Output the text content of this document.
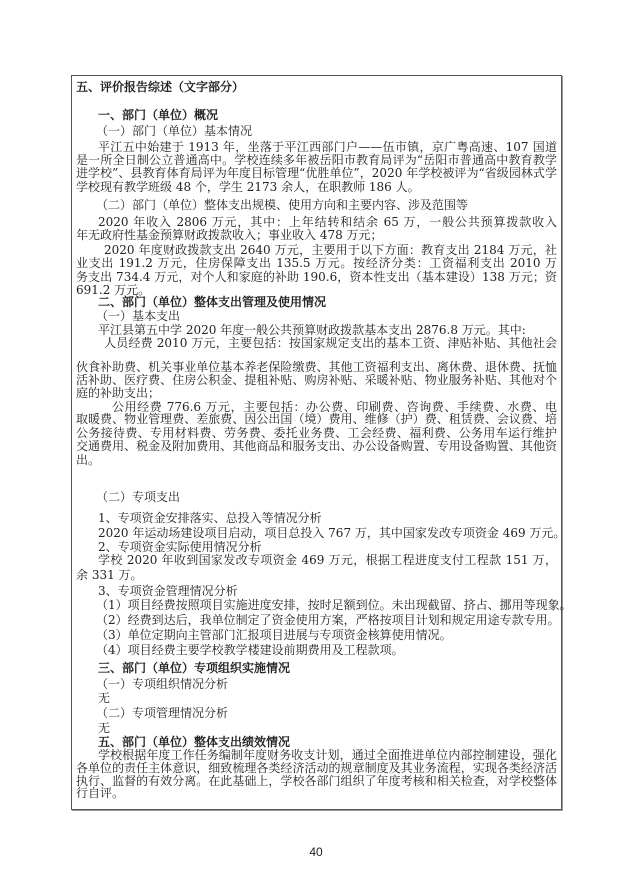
五、评价报告综述（文字部分）
一、部门（单位）概况
（一）部门（单位）基本情况
平江五中始建于 1913 年，坐落于平江西部门户——伍市镇，京广粤高速、107 国道
是一所全日制公立普通高中。学校连续多年被岳阳市教育局评为“岳阳市普通高中教育教学
进学校”、县教育体育局评为年度目标管理“优胜单位”，2020 年学校被评为“省级园林式学
学校现有教学班级 48 个，学生 2173 余人，在职教师 186 人。
（二）部门（单位）整体支出规模、使用方向和主要内容、涉及范围等
2020 年收入 2806 万元，其中：上年结转和结余 65 万，一般公共预算拨款收入
年无政府性基金预算财政拨款收入；事业收入 478 万元；
2020 年度财政拨款支出 2640 万元，主要用于以下方面：教育支出 2184 万元，社
业支出 191.2 万元，住房保障支出 135.5 万元。按经济分类：工资福利支出 2010 万
务支出 734.4 万元，对个人和家庭的补助 190.6，资本性支出（基本建设）138 万元；资
691.2 万元。
二、部门（单位）整体支出管理及使用情况
（一）基本支出
平江县第五中学 2020 年度一般公共预算财政拨款基本支出 2876.8 万元。其中:
人员经费 2010 万元，主要包括：按国家规定支出的基本工资、津贴补贴、其他社会
伙食补助费、机关事业单位基本养老保险缴费、其他工资福利支出、离休费、退休费、抚恤
活补助、医疗费、住房公积金、提租补贴、购房补贴、采暖补贴、物业服务补贴、其他对个
庭的补助支出；
公用经费 776.6 万元，主要包括：办公费、印刷费、咨询费、手续费、水费、电
取暖费、物业管理费、差旅费、因公出国（境）费用、维修（护）费、租赁费、会议费、培
公务接待费、专用材料费、劳务费、委托业务费、工会经费、福利费、公务用车运行维护
交通费用、税金及附加费用、其他商品和服务支出、办公设备购置、专用设备购置、其他资
出。
（二）专项支出
1、专项资金安排落实、总投入等情况分析
2020 年运动场建设项目启动，项目总投入 767 万，其中国家发改专项资金 469 万元。
2、专项资金实际使用情况分析
学校 2020 年收到国家发改专项资金 469 万元，根据工程进度支付工程款 151 万，
余 331 万。
3、专项资金管理情况分析
（1）项目经费按照项目实施进度安排，按时足额到位。未出现截留、挤占、挪用等现象。
（2）经费到达后，我单位制定了资金使用方案，严格按项目计划和规定用途专款专用。
（3）单位定期向主管部门汇报项目进展与专项资金核算使用情况。
（4）项目经费主要学校教学楼建设前期费用及工程款项。
三、部门（单位）专项组织实施情况
（一）专项组织情况分析
无
（二）专项管理情况分析
无
五、部门（单位）整体支出绩效情况
学校根据年度工作任务编制年度财务收支计划，通过全面推进单位内部控制建设，强化
各单位的责任主体意识，细致梳理各类经济活动的规章制度及其业务流程，实现各类经济活
执行、监督的有效分离。在此基础上，学校各部门组织了年度考核和相关检查，对学校整体
行自评。
40
